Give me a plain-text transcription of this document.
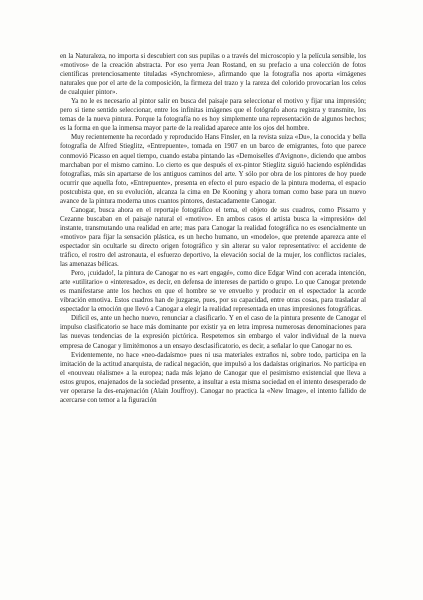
en la Naturaleza, no importa si descubiert con sus pupilas o a través del microscopio y la película sensible, los «motivos» de la creación abstracta. Por eso yerra Jean Rostand, en su prefacio a una colección de fotos científicas pretenciosamente tituladas «Synchromies», afirmando que la fotografía nos aporta «imágenes naturales que por el arte de la composición, la firmeza del trazo y la rareza del colorido provocarían los celos de cualquier pintor».

Ya no le es necesario al pintor salir en busca del paisaje para seleccionar el motivo y fijar una impresión; pero si tiene sentido seleccionar, entre los infinitas imágenes que el fotógrafo ahora registra y transmite, los temas de la nueva pintura. Porque la fotografía no es hoy simplemente una representación de algunos hechos; es la forma en que la inmensa mayor parte de la realidad aparece ante los ojos del hombre.

Muy recientemente ha recordado y reproducido Hans Finsler, en la revista suiza «Du», la conocida y bella fotografía de Alfred Stieglitz, «Entrepuente», tomada en 1907 en un barco de emigrantes, foto que parece conmovió Picasso en aquel tiempo, cuando estaba pintando las «Demoiselles d'Avignon», diciendo que ambos marchaban por el mismo camino. Lo cierto es que después el ex-pintor Stieglitz siguió haciendo espléndidas fotografías, más sin apartarse de los antiguos caminos del arte. Y sólo por obra de los pintores de hoy puede ocurrir que aquella foto, «Entrepuente», presenta en efecto el puro espacio de la pintura moderna, el espacio postcubista que, en su evolución, alcanza la cima en De Kooning y ahora toman como base para un nuevo avance de la pintura moderna unos cuantos pintores, destacadamente Canogar.

Canogar, busca ahora en el reportaje fotográfico el tema, el objeto de sus cuadros, como Pissarro y Cezanne buscaban en el paisaje natural el «motivo». En ambos casos el artista busca la «impresión» del instante, transmutando una realidad en arte; mas para Canogar la realidad fotográfica no es esencialmente un «motivo» para fijar la sensación plástica, es un hecho humano, un «modelo», que pretende aparezca ante el espectador sin ocultarle su directo origen fotográfico y sin alterar su valor representativo: el accidente de tráfico, el rostro del astronauta, el esfuerzo deportivo, la elevación social de la mujer, los conflictos raciales, las amenazas bélicas.

Pero, ¡cuidado!, la pintura de Canogar no es «art engagé», como dice Edgar Wind con acerada intención, arte «utilitario» o «interesado», es decir, en defensa de intereses de partido o grupo. Lo que Canogar pretende es manifestarse ante los hechos en que el hombre se ve envuelto y producir en el espectador la acorde vibración emotiva. Estos cuadros han de juzgarse, pues, por su capacidad, entre otras cosas, para trasladar al espectador la emoción que llevó a Canogar a elegir la realidad representada en unas impresiones fotográficas.

Difícil es, ante un hecho nuevo, renunciar a clasificarlo. Y en el caso de la pintura presente de Canogar el impulso clasificatorio se hace más dominante por existir ya en letra impresa numerosas denominaciones para las nuevas tendencias de la expresión pictórica. Respetemos sin embargo el valor individual de la nueva empresa de Canogar y limitémonos a un ensayo desclasificatorio, es decir, a señalar lo que Canogar no es.

Evidentemente, no hace «neo-dadaísmo» pues ni usa materiales extraños ni, sobre todo, participa en la imitación de la actitud anarquista, de radical negación, que impulsó a los dadaístas originarios. No participa en el «nouveau réalisme» a la europea; nada más lejano de Canogar que el pesimismo existencial que lleva a estos grupos, enajenados de la sociedad presente, a insultar a esta misma sociedad en el intento desesperado de ver operarse la des-enajenación (Alain Jouffroy). Canogar no practica la «New Image», el intento fallido de acercarse con temor a la figuración
